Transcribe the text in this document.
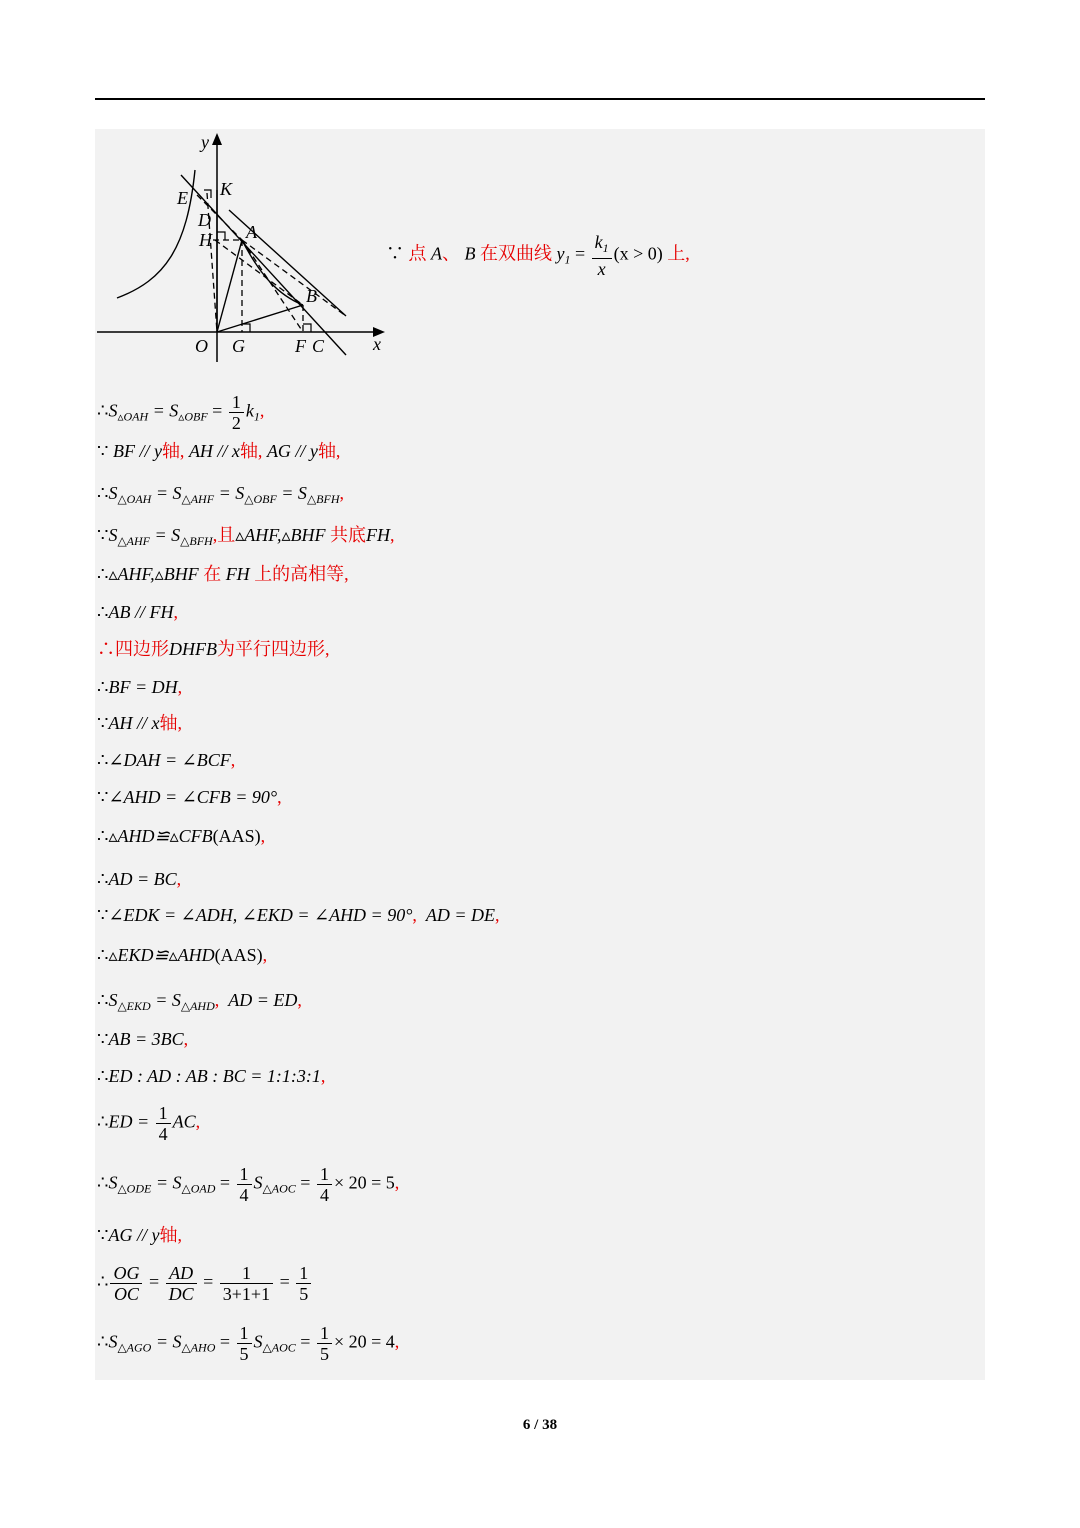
y
x
E K
D
H A
B
O G	F C
∵ 点 A、 B 在双曲线 $y_1 = \frac{k_1}{x} (x > 0)$ 上,
$\therefore S_{▵OAH} = S_{▵OBF} = \frac{1}{2} k_1$,
∵ BF // y轴, AH // x轴, AG // y轴,
$\therefore S_{\triangle OAH} = S_{\triangle AHF} = S_{\triangle OBF} = S_{\triangle BFH}$,
$\because S_{\triangle AHF} = S_{\triangle BFH}$,且▵AHF,▵BHF 共底FH,
∴▵AHF,▵BHF 在 FH 上的高相等,
∴AB // FH,
∴四边形DHFB为平行四边形,
∴BF = DH,
∵AH // x轴,
∴∠DAH = ∠BCF,
∵∠AHD = ∠CFB = 90°,
∴▵AHD≌▵CFB(AAS),
∴AD = BC,
∵∠EDK = ∠ADH, ∠EKD = ∠AHD = 90°, AD = DE,
∴▵EKD≌▵AHD(AAS),
$\therefore S_{\triangle EKD} = S_{\triangle AHD}$, AD = ED,
∵AB = 3BC,
∴ED : AD : AB : BC = 1:1:3:1,
∴ED = $\frac{1}{4}$ AC,
$\therefore S_{\triangle ODE} = S_{\triangle OAD} = \frac{1}{4} S_{\triangle AOC} = \frac{1}{4} \times 20 = 5$,
∵AG // y轴,
∴ $\frac{OG}{OC} = \frac{AD}{DC} = \frac{1}{3+1+1} = \frac{1}{5}$
$\therefore S_{\triangle AGO} = S_{\triangle AHO} = \frac{1}{5} S_{\triangle AOC} = \frac{1}{5} \times 20 = 4$,
6 / 38
